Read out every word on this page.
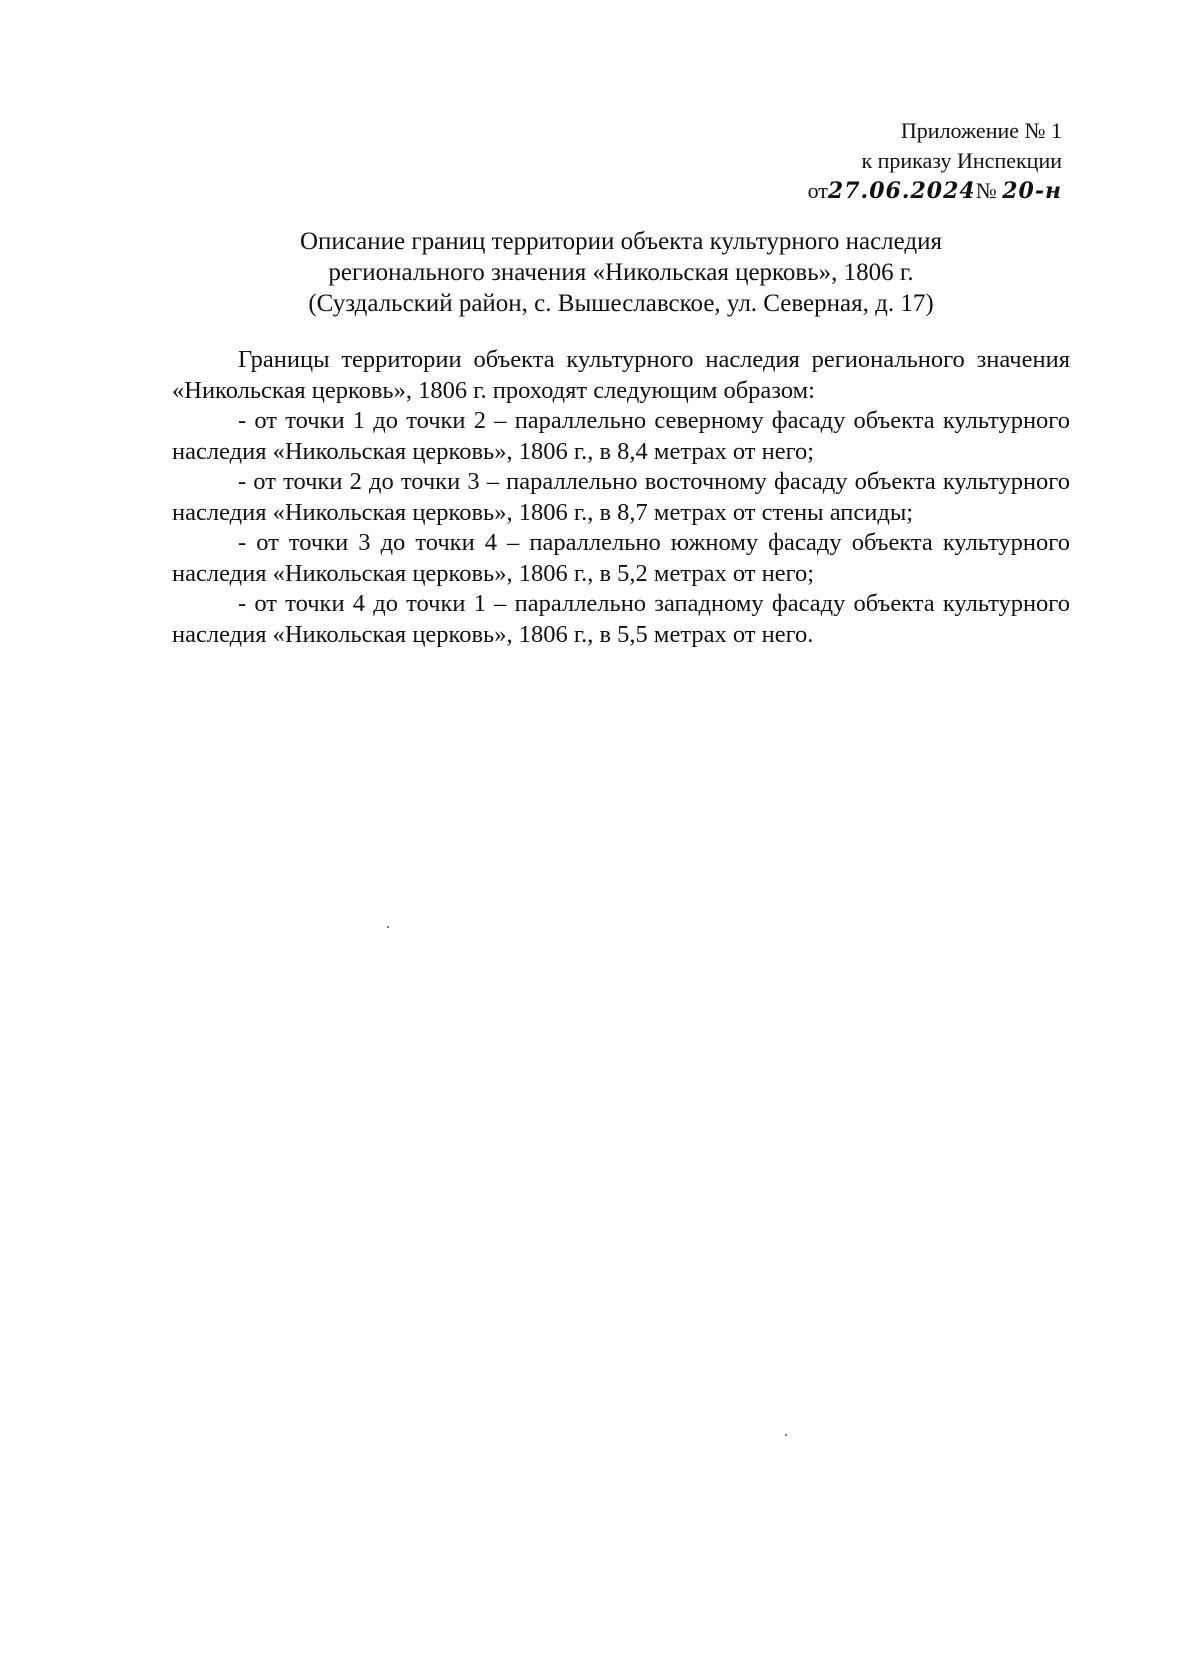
Приложение № 1
к приказу Инспекции
от27.06.2024№ 20-н
Описание границ территории объекта культурного наследия
регионального значения «Никольская церковь», 1806 г.
(Суздальский район, с. Вышеславское, ул. Северная, д. 17)

Границы территории объекта культурного наследия регионального значения «Никольская церковь», 1806 г. проходят следующим образом:

- от точки 1 до точки 2 – параллельно северному фасаду объекта культурного наследия «Никольская церковь», 1806 г., в 8,4 метрах от него;

- от точки 2 до точки 3 – параллельно восточному фасаду объекта культурного наследия «Никольская церковь», 1806 г., в 8,7 метрах от стены апсиды;

- от точки 3 до точки 4 – параллельно южному фасаду объекта культурного наследия «Никольская церковь», 1806 г., в 5,2 метрах от него;

- от точки 4 до точки 1 – параллельно западному фасаду объекта культурного наследия «Никольская церковь», 1806 г., в 5,5 метрах от него.
